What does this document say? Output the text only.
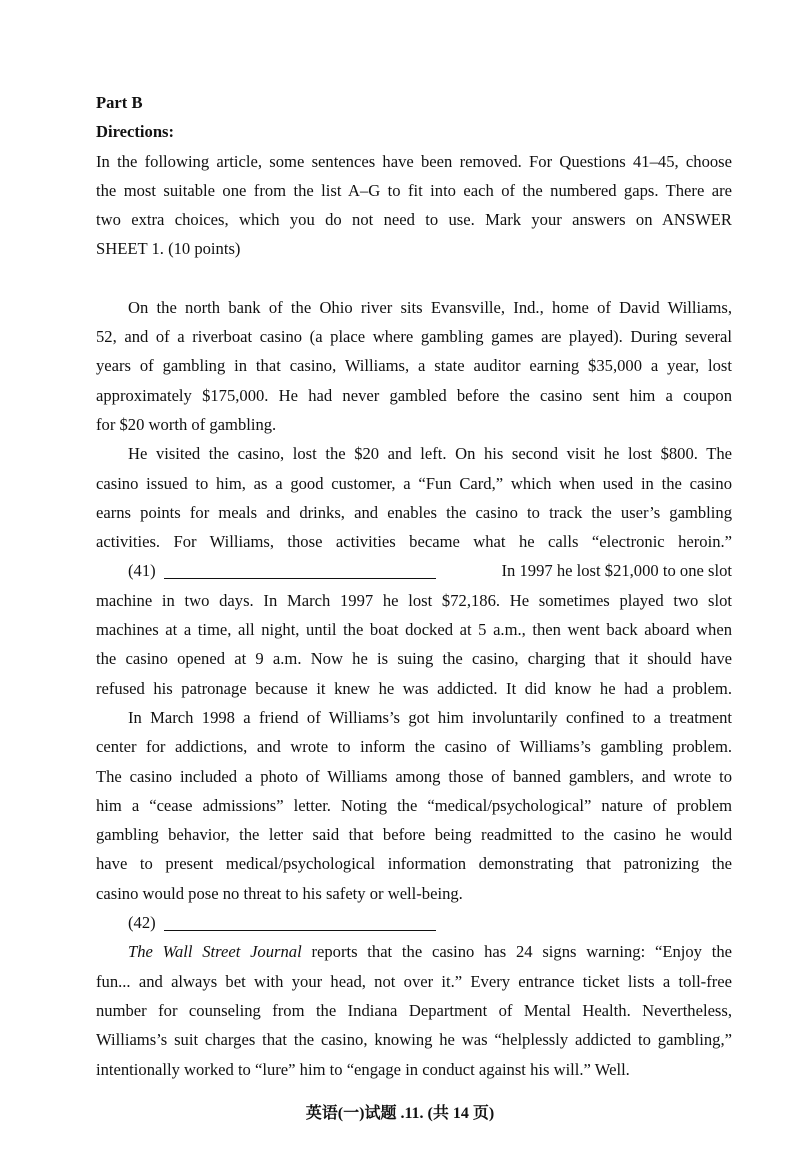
Part B
Directions:
In the following article, some sentences have been removed. For Questions 41–45, choose
the most suitable one from the list A–G to fit into each of the numbered gaps. There are
two extra choices, which you do not need to use. Mark your answers on ANSWER
SHEET 1. (10 points)
On the north bank of the Ohio river sits Evansville, Ind., home of David Williams,
52, and of a riverboat casino (a place where gambling games are played). During several
years of gambling in that casino, Williams, a state auditor earning $35,000 a year, lost
approximately $175,000. He had never gambled before the casino sent him a coupon
for $20 worth of gambling.
He visited the casino, lost the $20 and left. On his second visit he lost $800. The
casino issued to him, as a good customer, a “Fun Card,” which when used in the casino
earns points for meals and drinks, and enables the casino to track the user’s gambling
activities. For Williams, those activities became what he calls “electronic heroin.”
(41)	In 1997 he lost $21,000 to one slot
machine in two days. In March 1997 he lost $72,186. He sometimes played two slot
machines at a time, all night, until the boat docked at 5 a.m., then went back aboard when
the casino opened at 9 a.m. Now he is suing the casino, charging that it should have
refused his patronage because it knew he was addicted. It did know he had a problem.
In March 1998 a friend of Williams’s got him involuntarily confined to a treatment
center for addictions, and wrote to inform the casino of Williams’s gambling problem.
The casino included a photo of Williams among those of banned gamblers, and wrote to
him a “cease admissions” letter. Noting the “medical/psychological” nature of problem
gambling behavior, the letter said that before being readmitted to the casino he would
have to present medical/psychological information demonstrating that patronizing the
casino would pose no threat to his safety or well-being.
(42)
The Wall Street Journal reports that the casino has 24 signs warning: “Enjoy the
fun... and always bet with your head, not over it.” Every entrance ticket lists a toll-free
number for counseling from the Indiana Department of Mental Health. Nevertheless,
Williams’s suit charges that the casino, knowing he was “helplessly addicted to gambling,”
intentionally worked to “lure” him to “engage in conduct against his will.” Well.
英语(一)试题 .11. (共 14 页)
